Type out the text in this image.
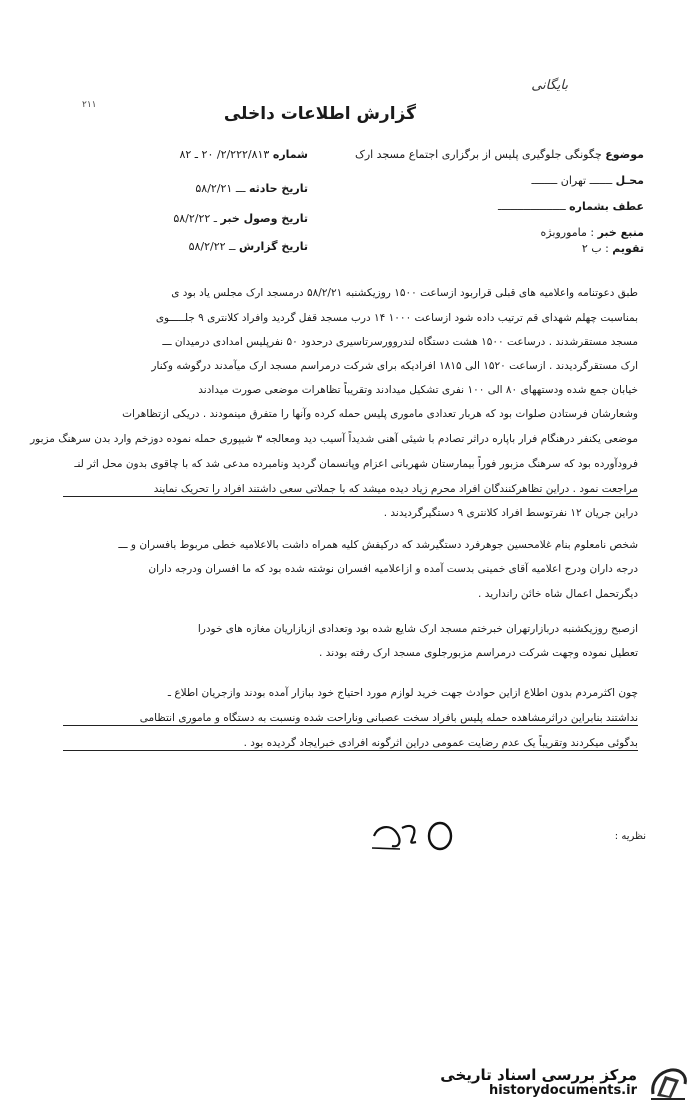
بایگانی
۲۱۱	گزارش اطلاعات داخلی
موضوع چگونگی جلوگیری پلیس از برگزاری اجتماع مسجد ارک
شماره ۲/۲۲۲/۸۱۳/ ۲۰ ـ ۸۲
محـل ـــــــ تهران ــــــــ
تاریخ حادثه ـــ ۵۸/۲/۲۱
عطف بشماره ـــــــــــــــــــــ
تاریخ وصول خبر ـ ۵۸/۲/۲۲
منبع خبر : ماموروبژه
تاریخ گزارش ــ ۵۸/۲/۲۲	تقویم : ب ۲
طبق دعوتنامه واعلامیه های قبلی قراربود ازساعت ۱۵۰۰ روزیکشنبه ۵۸/۲/۲۱ درمسجد ارک مجلس یاد بود ی
بمناسبت چهلم شهدای قم ترتیب داده شود ازساعت ۱۰۰۰ ۱۴ درب مسجد قفل گردید وافراد کلانتری ۹ جلـــــوی
مسجد مستقرشدند . درساعت ۱۵۰۰ هشت دستگاه لندروورسرتاسیری درحدود ۵۰ نفرپلیس امدادی درمیدان ـــ
ارک مستقرگردیدند . ازساعت ۱۵۲۰ الی ۱۸۱۵ افرادیکه برای شرکت درمراسم مسجد ارک میآمدند درگوشه وکنار
خیابان جمع شده ودستههای ۸۰ الی ۱۰۰ نفری تشکیل میدادند وتقریباً تظاهرات موضعی صورت میدادند
وشعارشان فرستادن صلوات بود که هربار تعدادی ماموری پلیس حمله کرده وآنها را متفرق مینمودند . دریکی ازتظاهرات
موضعی یکنفر درهنگام فرار باپاره دراثر تصادم با شیئی آهنی شدیداً آسیب دید ومعالجه ۳ شیپوری حمله نموده دوزخم وارد بدن سرهنگ مزبور
فرودآورده بود که سرهنگ مزبور فوراً بیمارستان شهربانی اعزام وپانسمان گردید ونامبرده مدعی شد که با چاقوی بدون محل اثر لنـ
مراجعت نمود . دراین تظاهرکنندگان افراد محرم زیاد دیده میشد که با جملاتی سعی داشتند افراد را تحریک نمایند
دراین جریان ۱۲ نفرتوسط افراد کلانتری ۹ دستگیرگردیدند .
شخص نامعلوم بنام غلامحسین جوهرفرد دستگیرشد که درکیفش کلیه همراه داشت بالاعلامیه خطی مربوط بافسران و ـــ
درجه داران ودرج اعلامیه آقای خمینی بدست آمده و ازاعلامیه افسران نوشته شده بود که ما افسران ودرجه داران
دیگرتحمل اعمال شاه خائن راندارید .
ازصبح روزیکشنبه دربازارتهران خبرختم مسجد ارک شایع شده بود وتعدادی ازبازاریان مغازه های خودرا
تعطیل نموده وجهت شرکت درمراسم مزبورجلوی مسجد ارک رفته بودند .
چون اکثرمردم بدون اطلاع ازاین حوادث جهت خرید لوازم مورد احتیاج خود ببازار آمده بودند وازجریان اطلاع ـ
نداشتند بنابراین دراثرمشاهده حمله پلیس بافراد سخت عصبانی وناراحت شده ونسبت به دستگاه و ماموری انتظامی
بدگوئی میکردند وتقریباً یک عدم رضایت عمومی دراین اثرگونه افرادی خبرایجاد گردیده بود .
نظریه :
مرکز بررسی اسناد تاریخی
historydocuments.ir
